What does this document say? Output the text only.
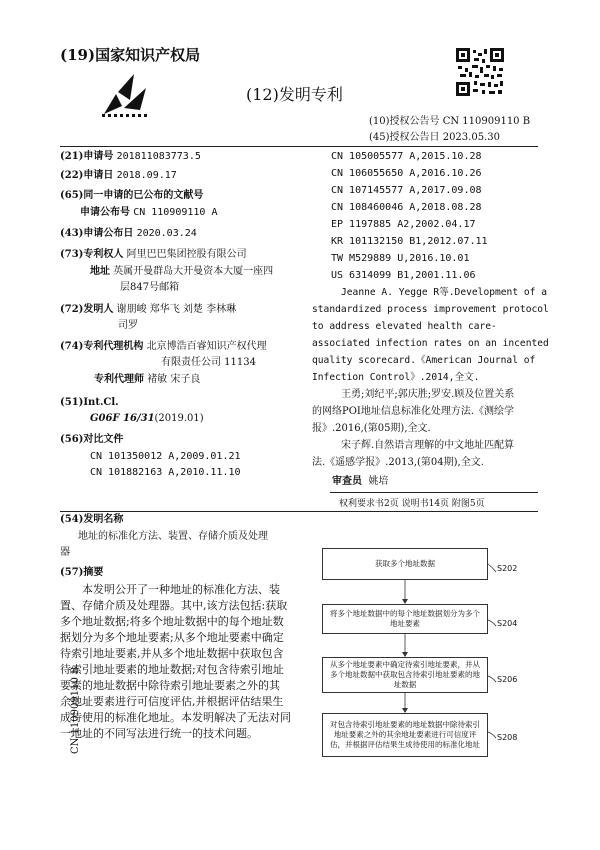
(19)国家知识产权局
(12)发明专利
(10)授权公告号 CN 110909110 B
(45)授权公告日 2023.05.30
(21)申请号 201811083773.5
(22)申请日 2018.09.17
(65)同一申请的已公布的文献号
申请公布号 CN 110909110 A
(43)申请公布日 2020.03.24
(73)专利权人 阿里巴巴集团控股有限公司
地址 英属开曼群岛大开曼资本大厦一座四
层847号邮箱
(72)发明人 谢朋峻 郑华飞 刘楚 李林琳
司罗
(74)专利代理机构 北京博浩百睿知识产权代理
有限责任公司 11134
专利代理师 褚敏 宋子良
(51)Int.Cl.
G06F 16/31(2019.01)
(56)对比文件
CN 101350012 A,2009.01.21
CN 101882163 A,2010.11.10
CN 105005577 A,2015.10.28
CN 106055650 A,2016.10.26
CN 107145577 A,2017.09.08
CN 108460046 A,2018.08.28
EP 1197885 A2,2002.04.17
KR 101132150 B1,2012.07.11
TW M529889 U,2016.10.01
US 6314099 B1,2001.11.06
Jeanne A. Yegge R等.Development of a
standardized process improvement protocol
to address elevated health care-
associated infection rates on an incented
quality scorecard.《American Journal of
Infection Control》.2014,全文.
王勇;刘纪平;郭庆胜;罗安.顾及位置关系
的网络POI地址信息标准化处理方法.《测绘学
报》.2016,(第05期),全文.
宋子辉.自然语言理解的中文地址匹配算
法.《遥感学报》.2013,(第04期),全文.
审查员 姚培
权利要求书2页 说明书14页 附图5页
(54)发明名称
地址的标准化方法、装置、存储介质及处理
器
(57)摘要
本发明公开了一种地址的标准化方法、装
置、存储介质及处理器。其中,该方法包括:获取
多个地址数据;将多个地址数据中的每个地址数
据划分为多个地址要素;从多个地址要素中确定
待索引地址要素,并从多个地址数据中获取包含
待索引地址要素的地址数据;对包含待索引地址
要素的地址数据中除待索引地址要素之外的其
余地址要素进行可信度评估,并根据评估结果生
成待使用的标准化地址。本发明解决了无法对同
一地址的不同写法进行统一的技术问题。
获取多个地址数据
S202
将多个地址数据中的每个地址数据划分为多个地址要素	S204
从多个地址要素中确定待索引地址要素，并从多个地址数据中获取包含待索引地址要素的地址数据
S206
对包含待索引地址要素的地址数据中除待索引地址要素之外的其余地址要素进行可信度评估，并根据评估结果生成待使用的标准化地址
S208
CN 110909110 B
